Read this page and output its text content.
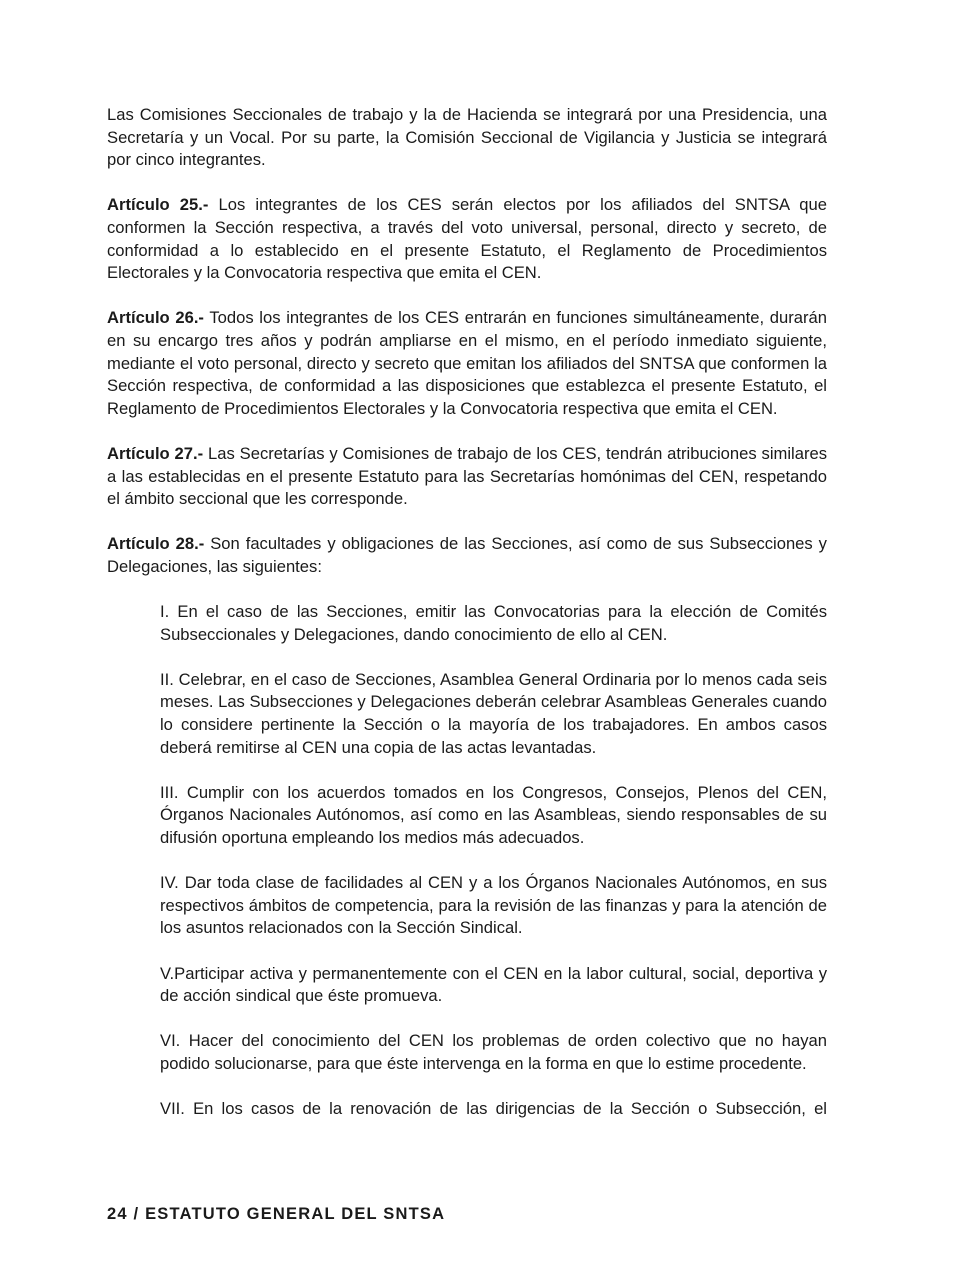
Las Comisiones Seccionales de trabajo y la de Hacienda se integrará por una Presidencia, una Secretaría y un Vocal. Por su parte, la Comisión Seccional de Vigilancia y Justicia se integrará por cinco integrantes.

Artículo 25.- Los integrantes de los CES serán electos por los afiliados del SNTSA que conformen la Sección respectiva, a través del voto universal, personal, directo y secreto, de conformidad a lo establecido en el presente Estatuto, el Reglamento de Procedimientos Electorales y la Convocatoria respectiva que emita el CEN.

Artículo 26.- Todos los integrantes de los CES entrarán en funciones simultáneamente, durarán en su encargo tres años y podrán ampliarse en el mismo, en el período inmediato siguiente, mediante el voto personal, directo y secreto que emitan los afiliados del SNTSA que conformen la Sección respectiva, de conformidad a las disposiciones que establezca el presente Estatuto, el Reglamento de Procedimientos Electorales y la Convocatoria respectiva que emita el CEN.

Artículo 27.- Las Secretarías y Comisiones de trabajo de los CES, tendrán atribuciones similares a las establecidas en el presente Estatuto para las Secretarías homónimas del CEN, respetando el ámbito seccional que les corresponde.

Artículo 28.- Son facultades y obligaciones de las Secciones, así como de sus Subsecciones y Delegaciones, las siguientes:

I. En el caso de las Secciones, emitir las Convocatorias para la elección de Comités Subseccionales y Delegaciones, dando conocimiento de ello al CEN.

II. Celebrar, en el caso de Secciones, Asamblea General Ordinaria por lo menos cada seis meses. Las Subsecciones y Delegaciones deberán celebrar Asambleas Generales cuando lo considere pertinente la Sección o la mayoría de los trabajadores. En ambos casos deberá remitirse al CEN una copia de las actas levantadas.

III. Cumplir con los acuerdos tomados en los Congresos, Consejos, Plenos del CEN, Órganos Nacionales Autónomos, así como en las Asambleas, siendo responsables de su difusión oportuna empleando los medios más adecuados.

IV. Dar toda clase de facilidades al CEN y a los Órganos Nacionales Autónomos, en sus respectivos ámbitos de competencia, para la revisión de las finanzas y para la atención de los asuntos relacionados con la Sección Sindical.

V.Participar activa y permanentemente con el CEN en la labor cultural, social, deportiva y de acción sindical que éste promueva.

VI. Hacer del conocimiento del CEN los problemas de orden colectivo que no hayan podido solucionarse, para que éste intervenga en la forma en que lo estime procedente.

VII. En los casos de la renovación de las dirigencias de la Sección o Subsección, el

24 / ESTATUTO GENERAL DEL SNTSA
